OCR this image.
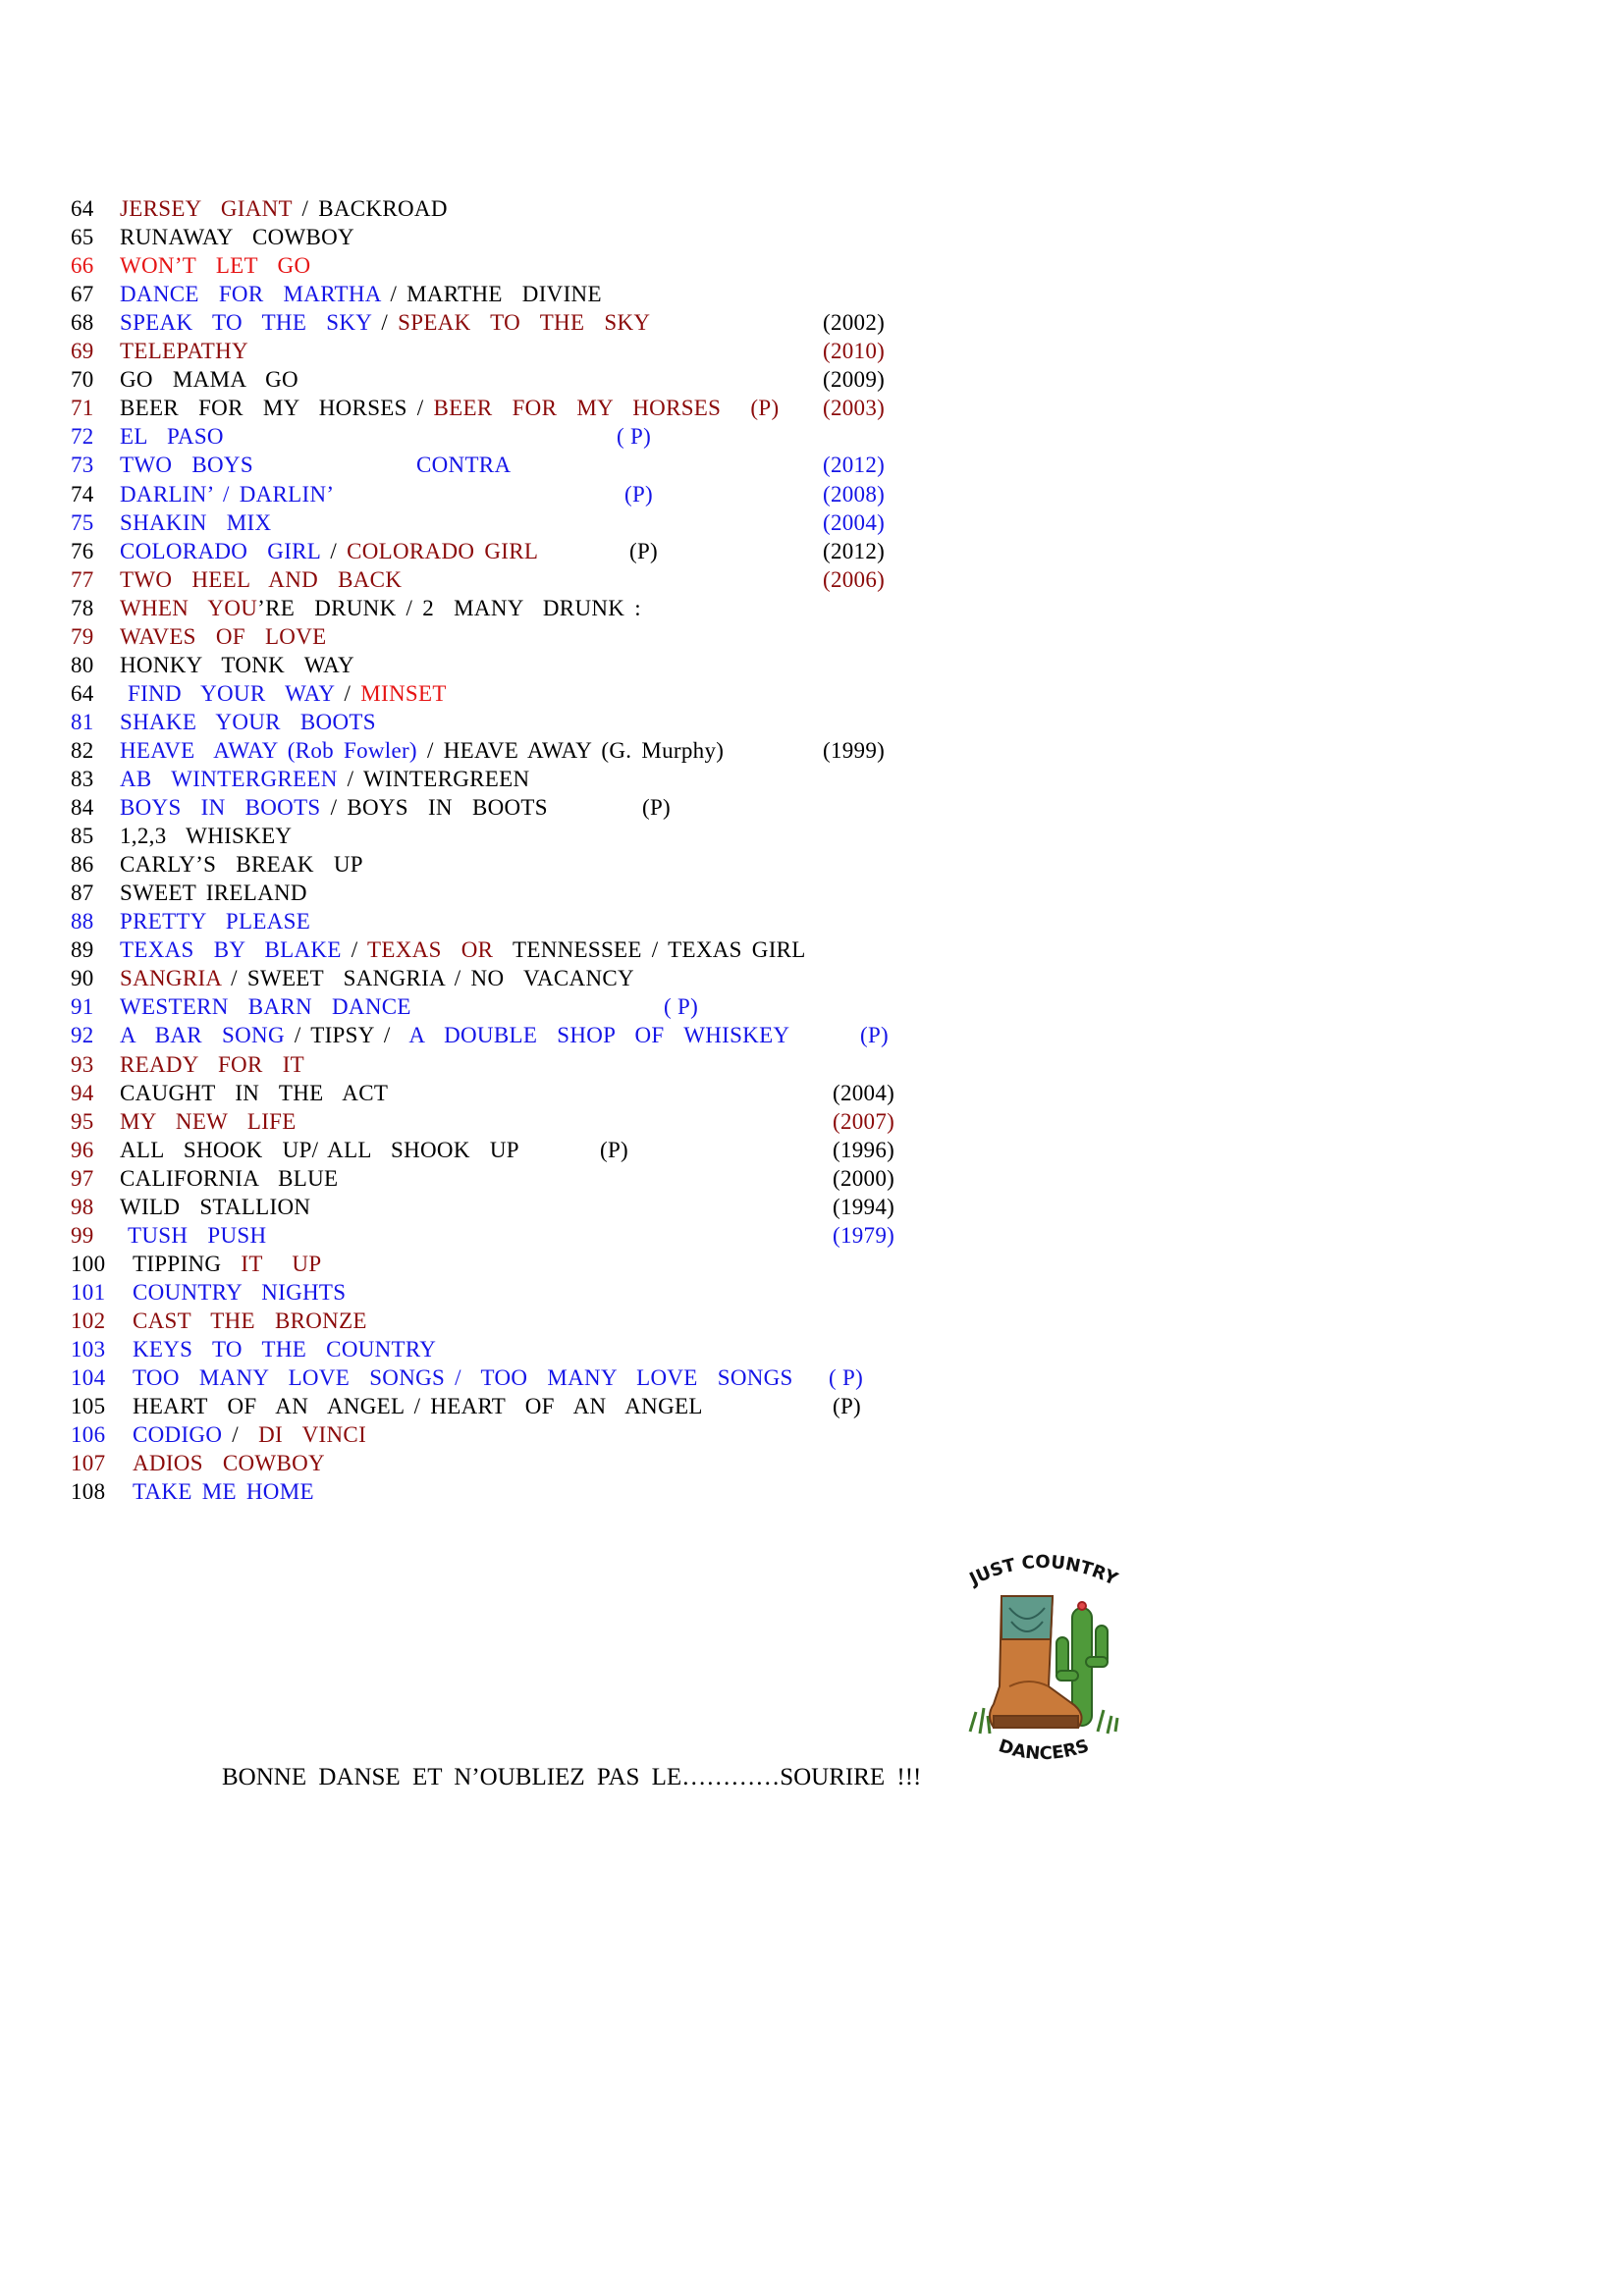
64 JERSEY  GIANT / BACKROAD
65 RUNAWAY  COWBOY
66 WON’T  LET  GO
67 DANCE  FOR  MARTHA / MARTHE  DIVINE
68 SPEAK  TO  THE  SKY / SPEAK  TO  THE  SKY	(2002)
69 TELEPATHY	(2010)
70 GO  MAMA  GO	(2009)
71 BEER  FOR  MY  HORSES / BEER  FOR  MY  HORSES   (P) (2003)
72 EL  PASO	( P)
73 TWO  BOYS	CONTRA	(2012)
74 DARLIN’ / DARLIN’	(P)	(2008)
75 SHAKIN  MIX	(2004)
76 COLORADO  GIRL / COLORADO GIRL	(P)	(2012)
77 TWO  HEEL  AND  BACK	(2006)
78 WHEN  YOU’RE  DRUNK / 2  MANY  DRUNK :
79 WAVES  OF  LOVE
80 HONKY  TONK  WAY
64 FIND  YOUR  WAY / MINSET
81 SHAKE  YOUR  BOOTS
82 HEAVE  AWAY (Rob Fowler) / HEAVE AWAY (G. Murphy)	(1999)
83 AB  WINTERGREEN / WINTERGREEN
84 BOYS  IN  BOOTS / BOYS  IN  BOOTS	(P)
85 1,2,3  WHISKEY
86 CARLY’S  BREAK  UP
87 SWEET IRELAND
88 PRETTY  PLEASE
89 TEXAS  BY  BLAKE / TEXAS  OR  TENNESSEE / TEXAS GIRL
90 SANGRIA / SWEET  SANGRIA / NO  VACANCY
91 WESTERN  BARN  DANCE	( P)
92 A  BAR  SONG / TIPSY /  A  DOUBLE  SHOP  OF  WHISKEY	(P)
93 READY  FOR  IT
94 CAUGHT  IN  THE  ACT	(2004)
95 MY  NEW  LIFE	(2007)
96 ALL  SHOOK  UP/ ALL  SHOOK  UP	(P)	(1996)
97 CALIFORNIA  BLUE	(2000)
98 WILD  STALLION	(1994)
99 TUSH  PUSH	(1979)
100 TIPPING  IT   UP
101 COUNTRY  NIGHTS
102 CAST  THE  BRONZE
103 KEYS  TO  THE  COUNTRY
104 TOO  MANY  LOVE  SONGS /  TOO  MANY  LOVE  SONGS ( P)
105 HEART  OF  AN  ANGEL / HEART  OF  AN  ANGEL	(P)
106 CODIGO /  DI  VINCI
107 ADIOS  COWBOY
108 TAKE ME HOME
JUST COUNTRY
DANCERS
BONNE DANSE ET N’OUBLIEZ PAS LE…………SOURIRE !!!
